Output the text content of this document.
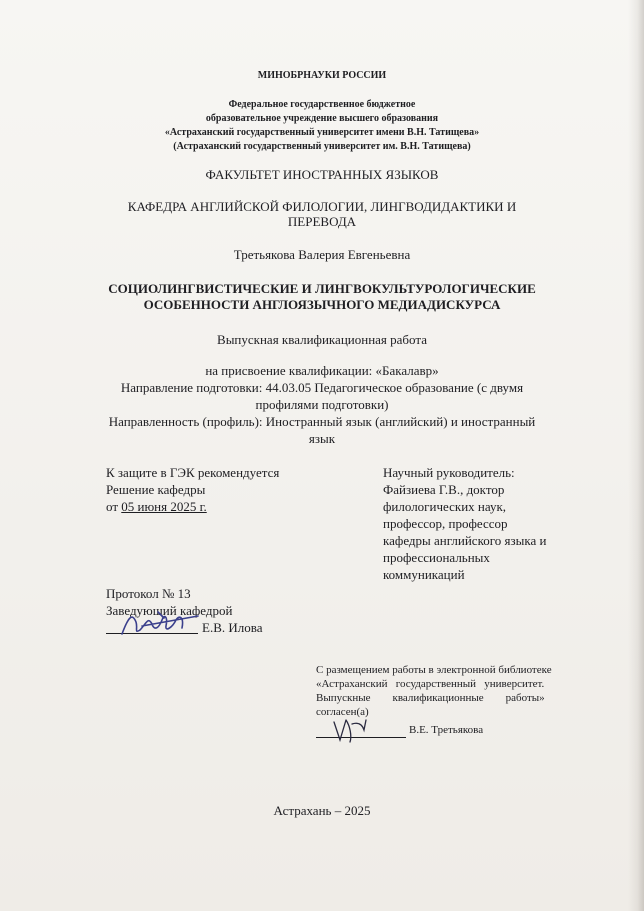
МИНОБРНАУКИ РОССИИ
Федеральное государственное бюджетное
образовательное учреждение высшего образования
«Астраханский государственный университет имени В.Н. Татищева»
(Астраханский государственный университет им. В.Н. Татищева)
ФАКУЛЬТЕТ ИНОСТРАННЫХ ЯЗЫКОВ
КАФЕДРА АНГЛИЙСКОЙ ФИЛОЛОГИИ, ЛИНГВОДИДАКТИКИ И
ПЕРЕВОДА
Третьякова Валерия Евгеньевна
СОЦИОЛИНГВИСТИЧЕСКИЕ И ЛИНГВОКУЛЬТУРОЛОГИЧЕСКИЕ
ОСОБЕННОСТИ АНГЛОЯЗЫЧНОГО МЕДИАДИСКУРСА
Выпускная квалификационная работа
на присвоение квалификации: «Бакалавр»
Направление подготовки: 44.03.05 Педагогическое образование (с двумя
профилями подготовки)
Направленность (профиль): Иностранный язык (английский) и иностранный
язык
К защите в ГЭК рекомендуется
Решение кафедры
от 05 июня 2025 г.
Научный руководитель:
Файзиева Г.В., доктор
филологических наук,
профессор, профессор
кафедры английского языка и
профессиональных
коммуникаций
Протокол № 13
Заведующий кафедрой
Е.В. Илова
С размещением работы в электронной библиотеке
«Астраханский   государственный   университет.
Выпускные        квалификационные        работы»
согласен(а)
В.Е. Третьякова
Астрахань – 2025
